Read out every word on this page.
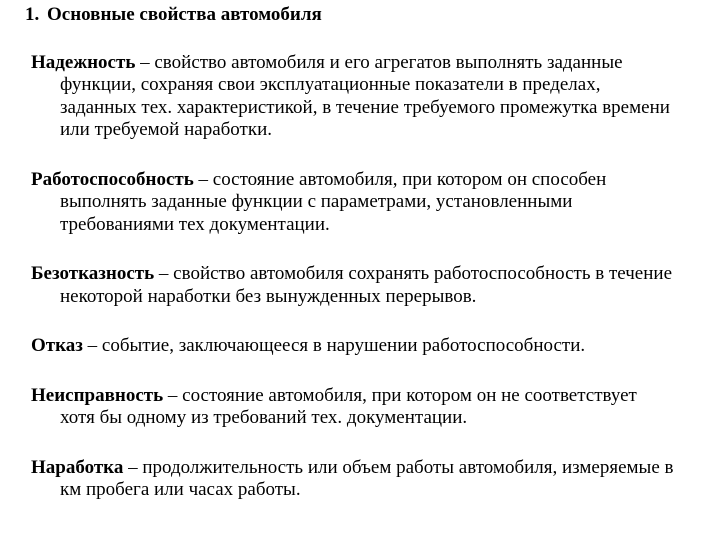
1. Основные свойства автомобиля
Надежность – свойство автомобиля и его агрегатов выполнять заданные
функции, сохраняя свои эксплуатационные показатели в пределах,
заданных тех. характеристикой, в течение требуемого промежутка времени
или требуемой наработки.
Работоспособность – состояние автомобиля, при котором он способен
выполнять заданные функции с параметрами, установленными
требованиями тех документации.
Безотказность – свойство автомобиля сохранять работоспособность в течение
некоторой наработки без вынужденных перерывов.
Отказ – событие, заключающееся в нарушении работоспособности.
Неисправность – состояние автомобиля, при котором он не соответствует
хотя бы одному из требований тех. документации.
Наработка – продолжительность или объем работы автомобиля, измеряемые в
км пробега или часах работы.
